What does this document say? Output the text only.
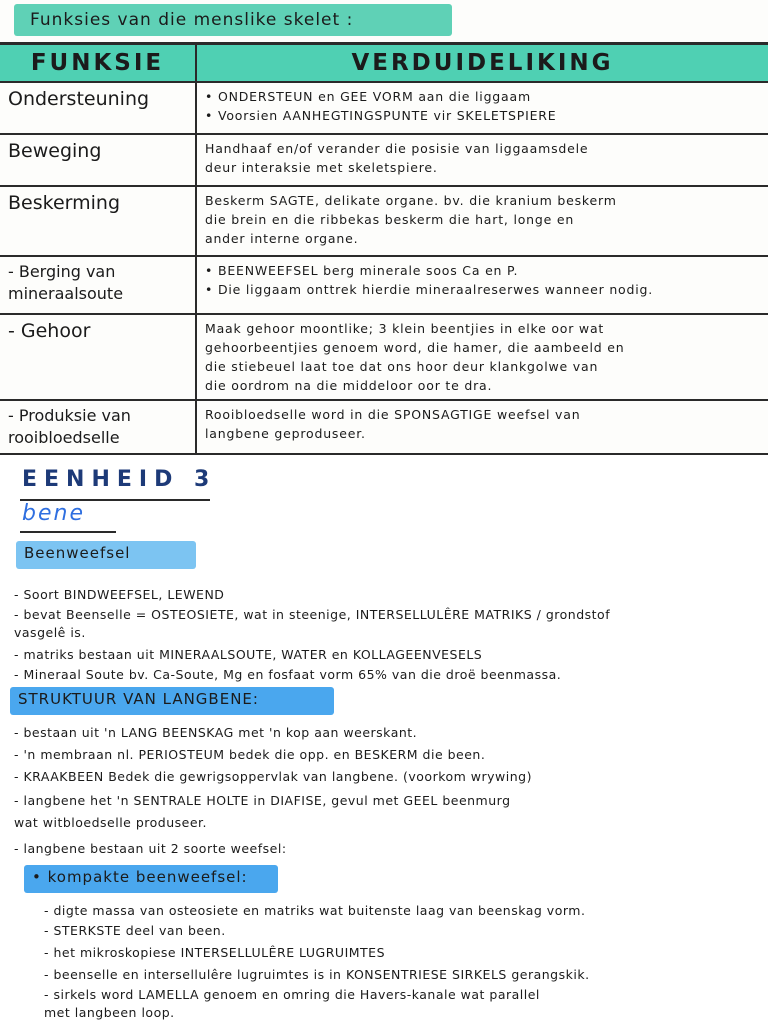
Funksies van die menslike skelet :
FUNKSIE	VERDUIDELIKING
Ondersteuning	• ONDERSTEUN en GEE VORM aan die liggaam
• Voorsien AANHEGTINGSPUNTE vir SKELETSPIERE

Beweging	Handhaaf en/of verander die posisie van liggaamsdele
deur interaksie met skeletspiere.

Beskerming	Beskerm SAGTE, delikate organe. bv. die kranium beskerm
die brein en die ribbekas beskerm die hart, longe en
ander interne organe.

- Berging van
mineraalsoute	• BEENWEEFSEL berg minerale soos Ca en P.
• Die liggaam onttrek hierdie mineraalreserwes wanneer nodig.

- Gehoor	Maak gehoor moontlike; 3 klein beentjies in elke oor wat
gehoorbeentjies genoem word, die hamer, die aambeeld en
die stiebeuel laat toe dat ons hoor deur klankgolwe van
die oordrom na die middeloor oor te dra.

- Produksie van
rooibloedselle	Rooibloedselle word in die SPONSAGTIGE weefsel van
langbene geproduseer.
EENHEID 3
bene
Beenweefsel
- Soort BINDWEEFSEL, LEWEND
- bevat Beenselle = OSTEOSIETE, wat in steenige, INTERSELLULÊRE MATRIKS / grondstof
vasgelê is.
- matriks bestaan uit MINERAALSOUTE, WATER en KOLLAGEENVESELS
- Mineraal Soute bv. Ca-Soute, Mg en fosfaat vorm 65% van die droë beenmassa.
STRUKTUUR VAN LANGBENE:
- bestaan uit 'n LANG BEENSKAG met 'n kop aan weerskant.
- 'n membraan nl. PERIOSTEUM bedek die opp. en BESKERM die been.
- KRAAKBEEN Bedek die gewrigsoppervlak van langbene. (voorkom wrywing)
- langbene het 'n SENTRALE HOLTE in DIAFISE, gevul met GEEL beenmurg
wat witbloedselle produseer.
- langbene bestaan uit 2 soorte weefsel:
• kompakte beenweefsel:
- digte massa van osteosiete en matriks wat buitenste laag van beenskag vorm.
- STERKSTE deel van been.
- het mikroskopiese INTERSELLULÊRE LUGRUIMTES
- beenselle en intersellulêre lugruimtes is in KONSENTRIESE SIRKELS gerangskik.
- sirkels word LAMELLA genoem en omring die Havers-kanale wat parallel
met langbeen loop.
